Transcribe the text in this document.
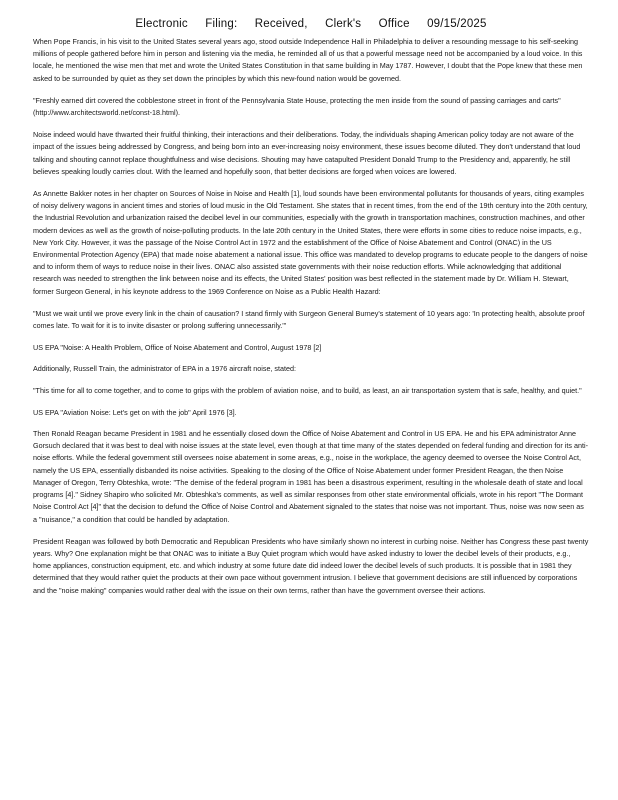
Electronic Filing: Received, Clerk's Office 09/15/2025

When Pope Francis, in his visit to the United States several years ago, stood outside Independence Hall in Philadelphia to deliver a resounding message to his self-seeking millions of people gathered before him in person and listening via the media, he reminded all of us that a powerful message need not be accompanied by a loud voice. In this locale, he mentioned the wise men that met and wrote the United States Constitution in that same building in May 1787. However, I doubt that the Pope knew that these men asked to be surrounded by quiet as they set down the principles by which this new-found nation would be governed.

"Freshly earned dirt covered the cobblestone street in front of the Pennsylvania State House, protecting the men inside from the sound of passing carriages and carts" (http://www.architectsworld.net/const-18.html).

Noise indeed would have thwarted their fruitful thinking, their interactions and their deliberations. Today, the individuals shaping American policy today are not aware of the impact of the issues being addressed by Congress, and being born into an ever-increasing noisy environment, these issues become diluted. They don't understand that loud talking and shouting cannot replace thoughtfulness and wise decisions. Shouting may have catapulted President Donald Trump to the Presidency and, apparently, he still believes speaking loudly carries clout. With the learned and hopefully soon, that better decisions are forged when voices are lowered.

As Annette Bakker notes in her chapter on Sources of Noise in Noise and Health [1], loud sounds have been environmental pollutants for thousands of years, citing examples of noisy delivery wagons in ancient times and stories of loud music in the Old Testament. She states that in recent times, from the end of the 19th century into the 20th century, the Industrial Revolution and urbanization raised the decibel level in our communities, especially with the growth in transportation machines, construction machines, and other modern devices as well as the growth of noise-polluting products. In the late 20th century in the United States, there were efforts in some cities to reduce noise impacts, e.g., New York City. However, it was the passage of the Noise Control Act in 1972 and the establishment of the Office of Noise Abatement and Control (ONAC) in the US Environmental Protection Agency (EPA) that made noise abatement a national issue. This office was mandated to develop programs to educate people to the dangers of noise and to inform them of ways to reduce noise in their lives. ONAC also assisted state governments with their noise reduction efforts. While acknowledging that additional research was needed to strengthen the link between noise and its effects, the United States' position was best reflected in the statement made by Dr. William H. Stewart, former Surgeon General, in his keynote address to the 1969 Conference on Noise as a Public Health Hazard:

"Must we wait until we prove every link in the chain of causation? I stand firmly with Surgeon General Burney's statement of 10 years ago: 'In protecting health, absolute proof comes late. To wait for it is to invite disaster or prolong suffering unnecessarily.'"

US EPA "Noise: A Health Problem, Office of Noise Abatement and Control, August 1978 [2]

Additionally, Russell Train, the administrator of EPA in a 1976 aircraft noise, stated:

"This time for all to come together, and to come to grips with the problem of aviation noise, and to build, as least, an air transportation system that is safe, healthy, and quiet."

US EPA "Aviation Noise: Let's get on with the job" April 1976 [3].

Then Ronald Reagan became President in 1981 and he essentially closed down the Office of Noise Abatement and Control in US EPA. He and his EPA administrator Anne Gorsuch declared that it was best to deal with noise issues at the state level, even though at that time many of the states depended on federal funding and direction for its anti-noise efforts. While the federal government still oversees noise abatement in some areas, e.g., noise in the workplace, the agency deemed to oversee the Noise Control Act, namely the US EPA, essentially disbanded its noise activities. Speaking to the closing of the Office of Noise Abatement under former President Reagan, the then Noise Manager of Oregon, Terry Obteshka, wrote: "The demise of the federal program in 1981 has been a disastrous experiment, resulting in the wholesale death of state and local programs [4]." Sidney Shapiro who solicited Mr. Obteshka's comments, as well as similar responses from other state environmental officials, wrote in his report "The Dormant Noise Control Act [4]" that the decision to defund the Office of Noise Control and Abatement signaled to the states that noise was not important. Thus, noise was now seen as a "nuisance," a condition that could be handled by adaptation.

President Reagan was followed by both Democratic and Republican Presidents who have similarly shown no interest in curbing noise. Neither has Congress these past twenty years. Why? One explanation might be that ONAC was to initiate a Buy Quiet program which would have asked industry to lower the decibel levels of their products, e.g., home appliances, construction equipment, etc. and which industry at some future date did indeed lower the decibel levels of such products. It is possible that in 1981 they determined that they would rather quiet the products at their own pace without government intrusion. I believe that government decisions are still influenced by corporations and the "noise making" companies would rather deal with the issue on their own terms, rather than have the government oversee their actions.
